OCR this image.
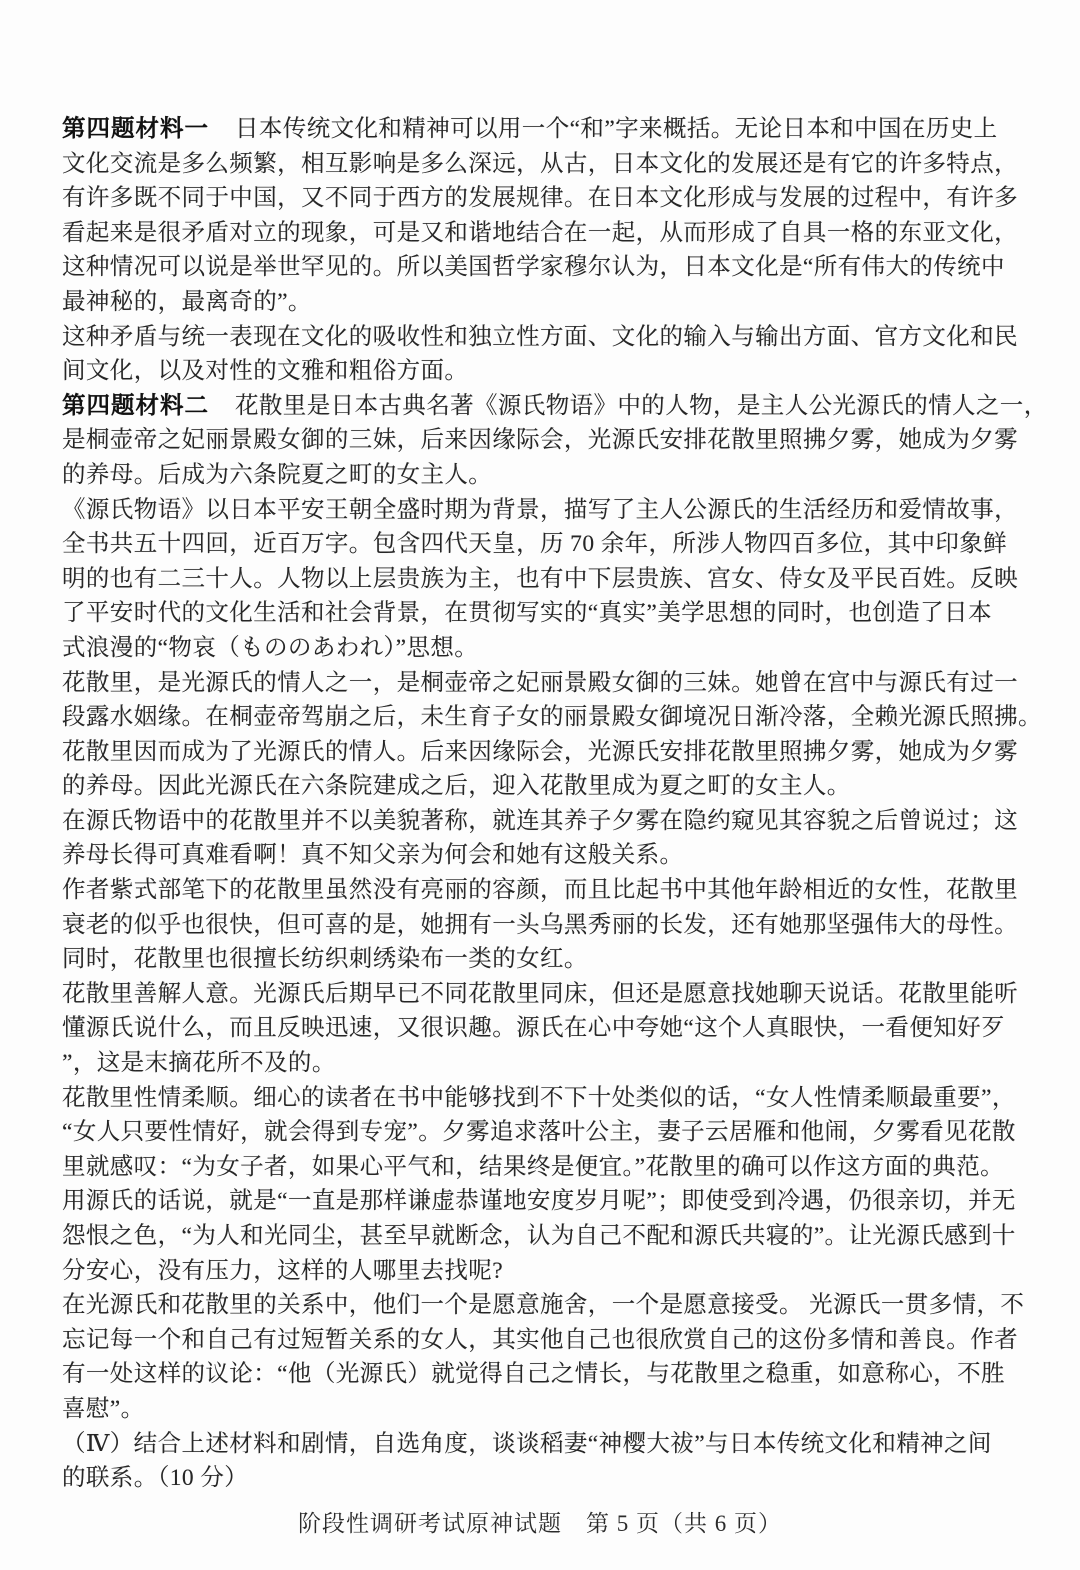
第四题材料一 日本传统文化和精神可以用一个“和”字来概括。无论日本和中国在历史上
文化交流是多么频繁，相互影响是多么深远，从古，日本文化的发展还是有它的许多特点，
有许多既不同于中国，又不同于西方的发展规律。在日本文化形成与发展的过程中，有许多
看起来是很矛盾对立的现象，可是又和谐地结合在一起，从而形成了自具一格的东亚文化，
这种情况可以说是举世罕见的。所以美国哲学家穆尔认为，日本文化是“所有伟大的传统中
最神秘的，最离奇的”。
这种矛盾与统一表现在文化的吸收性和独立性方面、文化的输入与输出方面、官方文化和民
间文化，以及对性的文雅和粗俗方面。
第四题材料二 花散里是日本古典名著《源氏物语》中的人物，是主人公光源氏的情人之一，
是桐壶帝之妃丽景殿女御的三妹，后来因缘际会，光源氏安排花散里照拂夕雾，她成为夕雾
的养母。后成为六条院夏之町的女主人。
《源氏物语》以日本平安王朝全盛时期为背景，描写了主人公源氏的生活经历和爱情故事，
全书共五十四回，近百万字。包含四代天皇，历 70 余年，所涉人物四百多位，其中印象鲜
明的也有二三十人。人物以上层贵族为主，也有中下层贵族、宫女、侍女及平民百姓。反映
了平安时代的文化生活和社会背景，在贯彻写实的“真实”美学思想的同时，也创造了日本
式浪漫的“物哀（もののあわれ）”思想。
花散里，是光源氏的情人之一，是桐壶帝之妃丽景殿女御的三妹。她曾在宫中与源氏有过一
段露水姻缘。在桐壶帝驾崩之后，未生育子女的丽景殿女御境况日渐冷落，全赖光源氏照拂。
花散里因而成为了光源氏的情人。后来因缘际会，光源氏安排花散里照拂夕雾，她成为夕雾
的养母。因此光源氏在六条院建成之后，迎入花散里成为夏之町的女主人。
在源氏物语中的花散里并不以美貌著称，就连其养子夕雾在隐约窥见其容貌之后曾说过；这
养母长得可真难看啊！真不知父亲为何会和她有这般关系。
作者紫式部笔下的花散里虽然没有亮丽的容颜，而且比起书中其他年龄相近的女性，花散里
衰老的似乎也很快，但可喜的是，她拥有一头乌黑秀丽的长发，还有她那坚强伟大的母性。
同时，花散里也很擅长纺织刺绣染布一类的女红。
花散里善解人意。光源氏后期早已不同花散里同床，但还是愿意找她聊天说话。花散里能听
懂源氏说什么，而且反映迅速，又很识趣。源氏在心中夸她“这个人真眼快，一看便知好歹
”，这是末摘花所不及的。
花散里性情柔顺。细心的读者在书中能够找到不下十处类似的话，“女人性情柔顺最重要”，
“女人只要性情好，就会得到专宠”。夕雾追求落叶公主，妻子云居雁和他闹，夕雾看见花散
里就感叹：“为女子者，如果心平气和，结果终是便宜。”花散里的确可以作这方面的典范。
用源氏的话说，就是“一直是那样谦虚恭谨地安度岁月呢”；即使受到冷遇，仍很亲切，并无
怨恨之色，“为人和光同尘，甚至早就断念，认为自己不配和源氏共寝的”。让光源氏感到十
分安心，没有压力，这样的人哪里去找呢?
在光源氏和花散里的关系中，他们一个是愿意施舍，一个是愿意接受。 光源氏一贯多情，不
忘记每一个和自己有过短暂关系的女人，其实他自己也很欣赏自己的这份多情和善良。作者
有一处这样的议论：“他（光源氏）就觉得自己之情长，与花散里之稳重，如意称心，不胜
喜慰”。
（Ⅳ）结合上述材料和剧情，自选角度，谈谈稻妻“神樱大祓”与日本传统文化和精神之间
的联系。（10 分）
阶段性调研考试原神试题　第 5 页（共 6 页）
